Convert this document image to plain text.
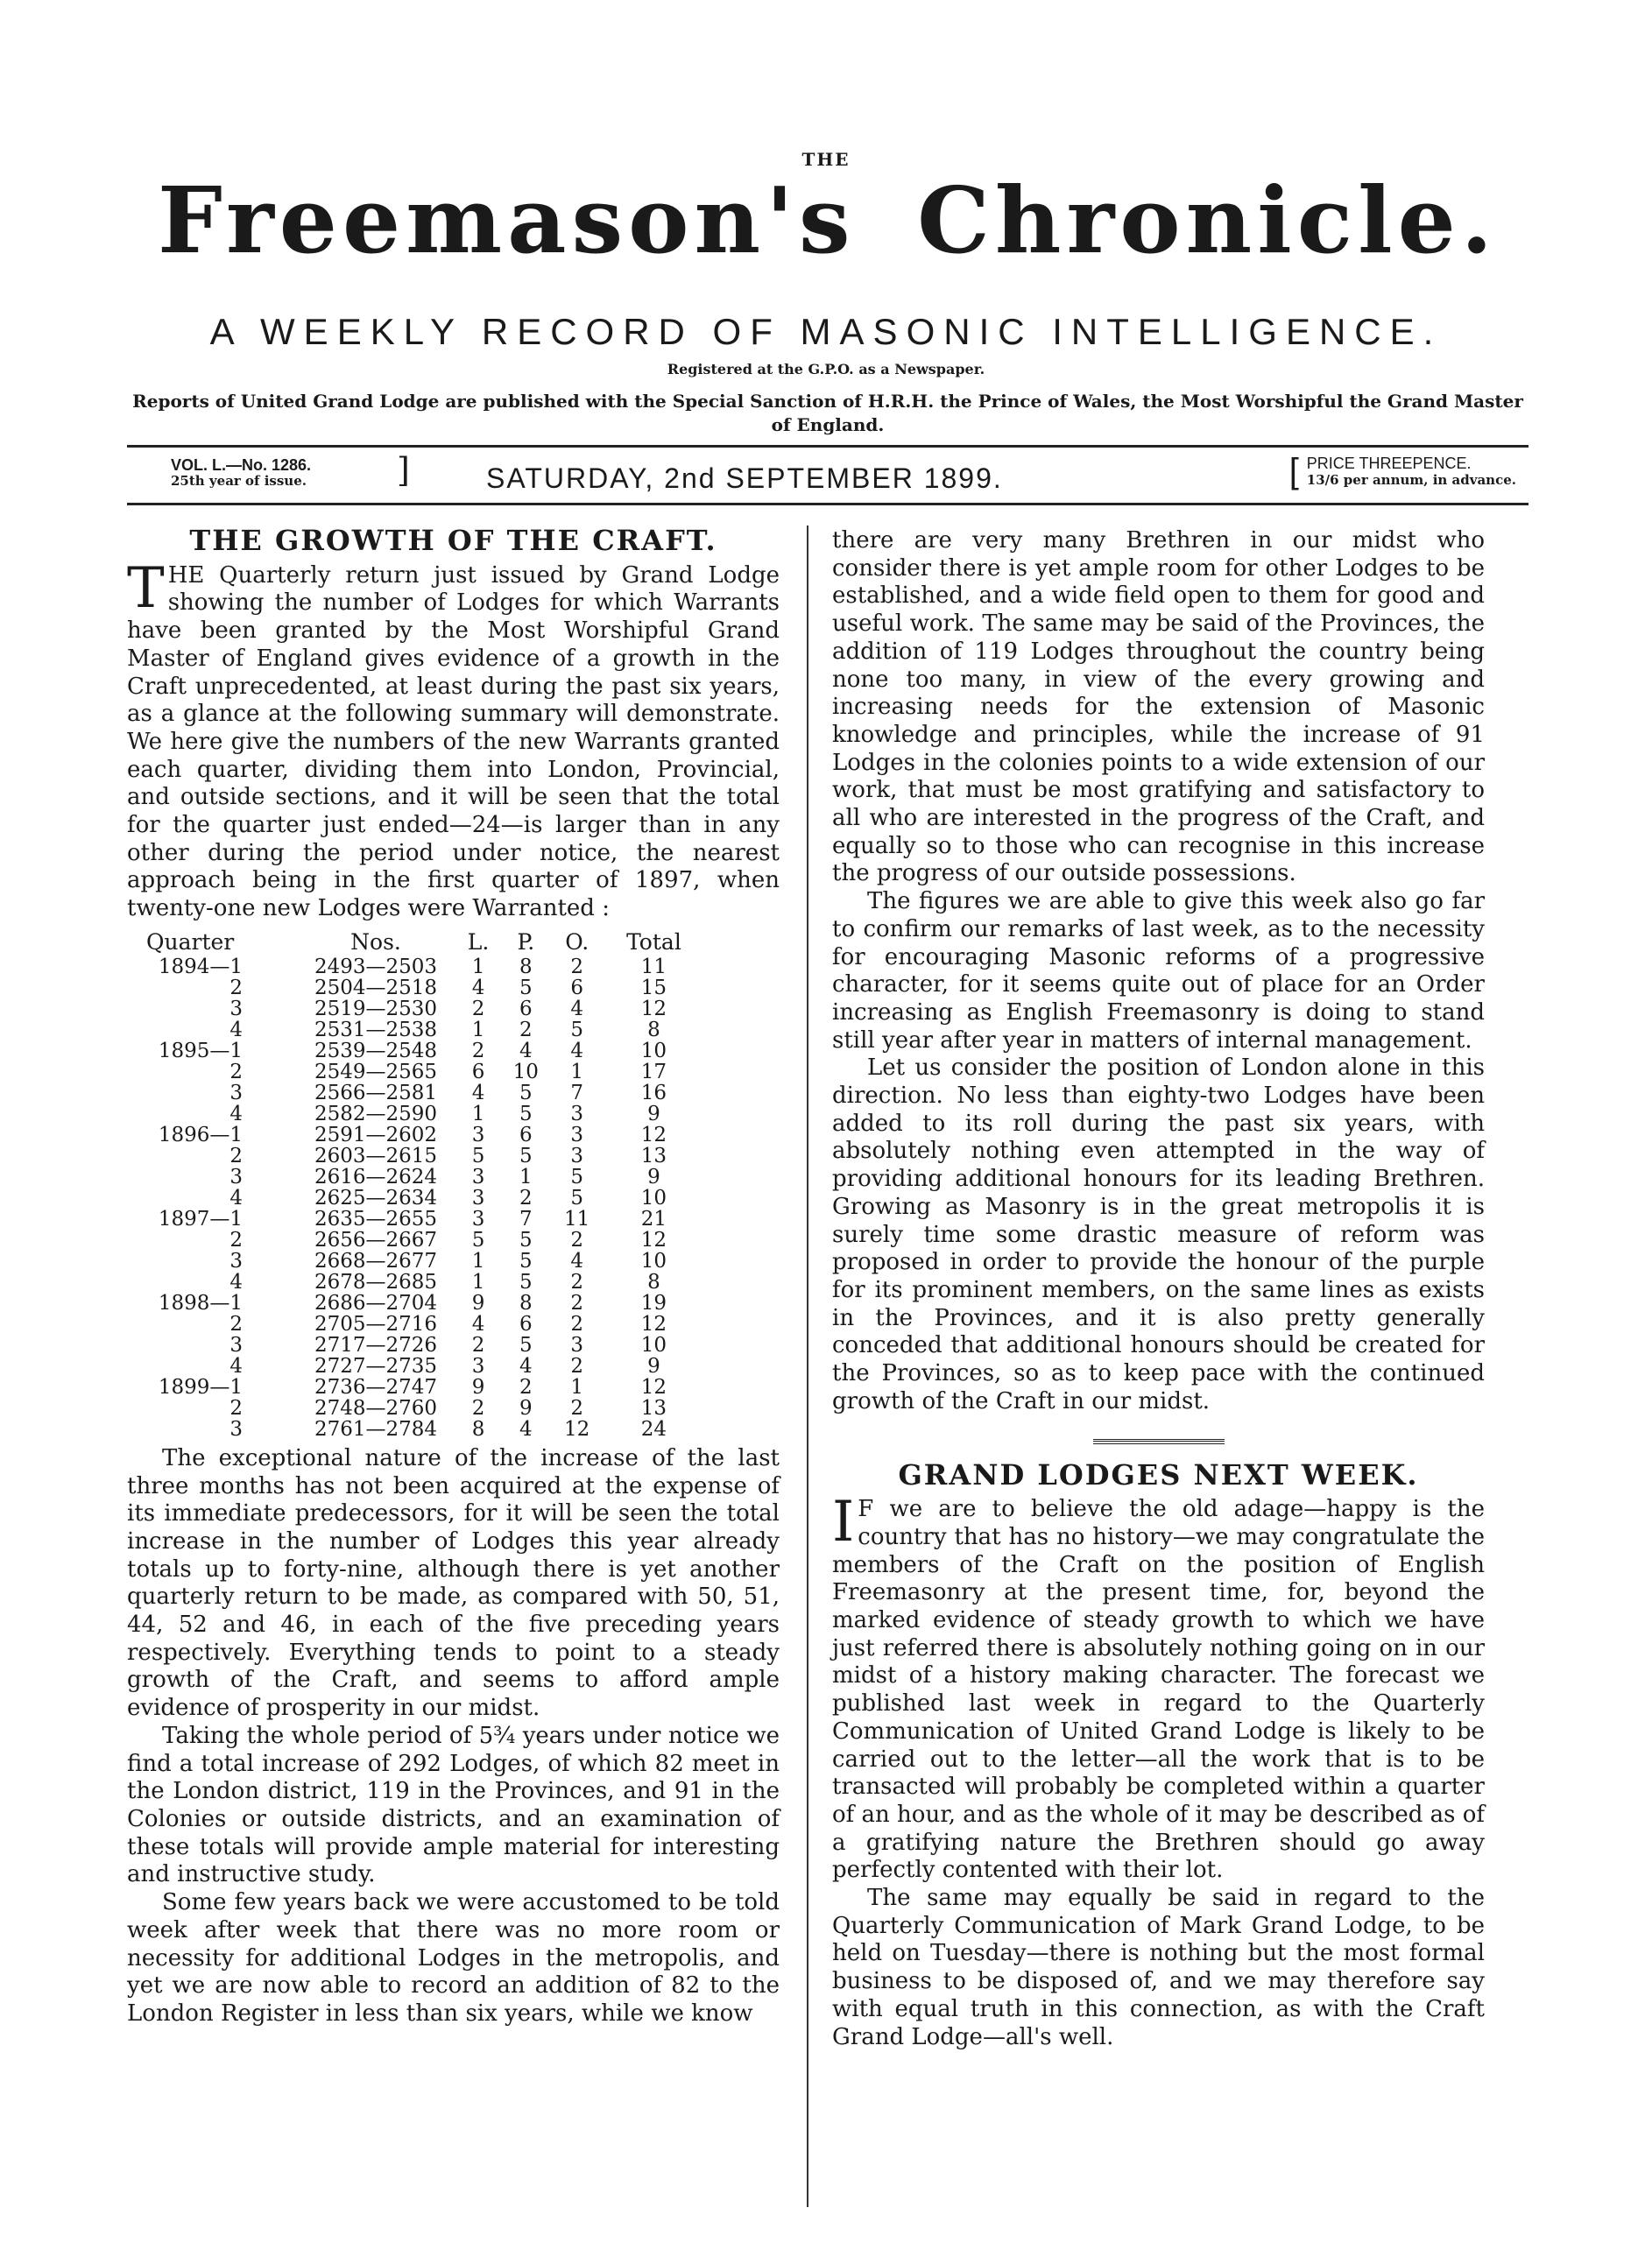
THE
Freemason's Chronicle.
A WEEKLY RECORD OF MASONIC INTELLIGENCE.
Registered at the G.P.O. as a Newspaper.
Reports of United Grand Lodge are published with the Special Sanction of H.R.H. the Prince of Wales, the Most Worshipful the Grand Master of England.
VOL. L.—No. 1286.
25th year of issue.	]	SATURDAY, 2nd SEPTEMBER 1899.	[ PRICE THREEPENCE.
13/6 per annum, in advance.
THE GROWTH OF THE CRAFT.

THE Quarterly return just issued by Grand Lodge showing the number of Lodges for which Warrants have been granted by the Most Worshipful Grand Master of England gives evidence of a growth in the Craft unprecedented, at least during the past six years, as a glance at the following summary will demonstrate. We here give the numbers of the new Warrants granted each quarter, dividing them into London, Provincial, and outside sections, and it will be seen that the total for the quarter just ended—24—is larger than in any other during the period under notice, the nearest approach being in the first quarter of 1897, when twenty-one new Lodges were Warranted :

Quarter	Nos.	L.	P.	O.	Total
1894—1	2493—2503	1	8	2	11
2	2504—2518	4	5	6	15
3	2519—2530	2	6	4	12
4	2531—2538	1	2	5	8
1895—1	2539—2548	2	4	4	10
2	2549—2565	6	10	1	17
3	2566—2581	4	5	7	16
4	2582—2590	1	5	3	9
1896—1	2591—2602	3	6	3	12
2	2603—2615	5	5	3	13
3	2616—2624	3	1	5	9
4	2625—2634	3	2	5	10
1897—1	2635—2655	3	7	11	21
2	2656—2667	5	5	2	12
3	2668—2677	1	5	4	10
4	2678—2685	1	5	2	8
1898—1	2686—2704	9	8	2	19
2	2705—2716	4	6	2	12
3	2717—2726	2	5	3	10
4	2727—2735	3	4	2	9
1899—1	2736—2747	9	2	1	12
2	2748—2760	2	9	2	13
3	2761—2784	8	4	12	24

The exceptional nature of the increase of the last three months has not been acquired at the expense of its immediate predecessors, for it will be seen the total increase in the number of Lodges this year already totals up to forty-nine, although there is yet another quarterly return to be made, as compared with 50, 51, 44, 52 and 46, in each of the five preceding years respectively. Everything tends to point to a steady growth of the Craft, and seems to afford ample evidence of prosperity in our midst.

Taking the whole period of 5¾ years under notice we find a total increase of 292 Lodges, of which 82 meet in the London district, 119 in the Provinces, and 91 in the Colonies or outside districts, and an examination of these totals will provide ample material for interesting and instructive study.

Some few years back we were accustomed to be told week after week that there was no more room or necessity for additional Lodges in the metropolis, and yet we are now able to record an addition of 82 to the London Register in less than six years, while we know

there are very many Brethren in our midst who consider there is yet ample room for other Lodges to be established, and a wide field open to them for good and useful work. The same may be said of the Provinces, the addition of 119 Lodges throughout the country being none too many, in view of the every growing and increasing needs for the extension of Masonic knowledge and principles, while the increase of 91 Lodges in the colonies points to a wide extension of our work, that must be most gratifying and satisfactory to all who are interested in the progress of the Craft, and equally so to those who can recognise in this increase the progress of our outside possessions.

The figures we are able to give this week also go far to confirm our remarks of last week, as to the necessity for encouraging Masonic reforms of a progressive character, for it seems quite out of place for an Order increasing as English Freemasonry is doing to stand still year after year in matters of internal management.

Let us consider the position of London alone in this direction. No less than eighty-two Lodges have been added to its roll during the past six years, with absolutely nothing even attempted in the way of providing additional honours for its leading Brethren. Growing as Masonry is in the great metropolis it is surely time some drastic measure of reform was proposed in order to provide the honour of the purple for its prominent members, on the same lines as exists in the Provinces, and it is also pretty generally conceded that additional honours should be created for the Provinces, so as to keep pace with the continued growth of the Craft in our midst.

GRAND LODGES NEXT WEEK.

I F we are to believe the old adage—happy is the country that has no history—we may congratulate the members of the Craft on the position of English Freemasonry at the present time, for, beyond the marked evidence of steady growth to which we have just referred there is absolutely nothing going on in our midst of a history making character. The forecast we published last week in regard to the Quarterly Communication of United Grand Lodge is likely to be carried out to the letter—all the work that is to be transacted will probably be completed within a quarter of an hour, and as the whole of it may be described as of a gratifying nature the Brethren should go away perfectly contented with their lot.

The same may equally be said in regard to the Quarterly Communication of Mark Grand Lodge, to be held on Tuesday—there is nothing but the most formal business to be disposed of, and we may therefore say with equal truth in this connection, as with the Craft Grand Lodge—all's well.
